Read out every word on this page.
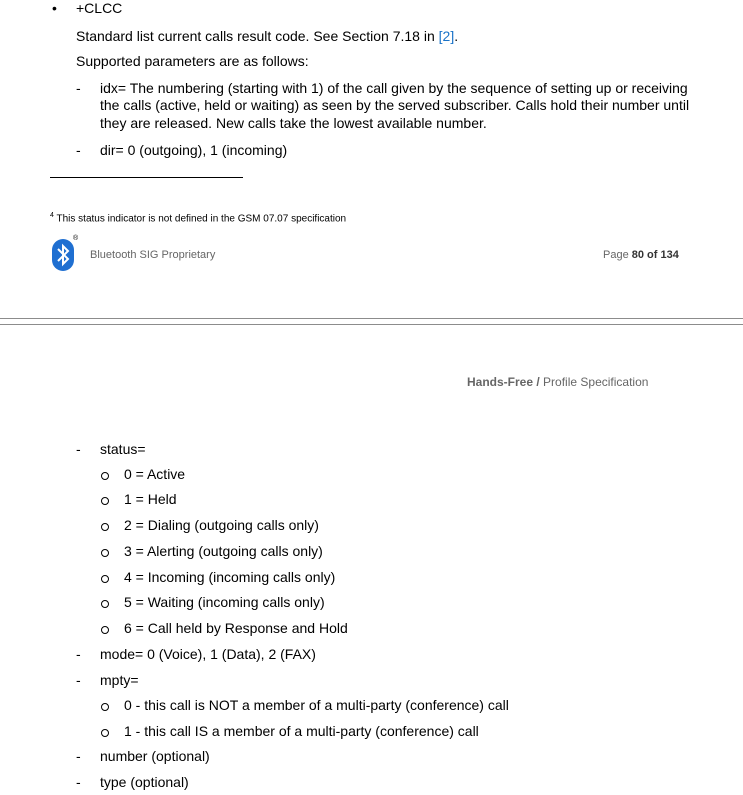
• +CLCC
Standard list current calls result code. See Section 7.18 in [2].
Supported parameters are as follows:
- idx= The numbering (starting with 1) of the call given by the sequence of setting up or receiving
the calls (active, held or waiting) as seen by the served subscriber. Calls hold their number until
they are released. New calls take the lowest available number.
- dir= 0 (outgoing), 1 (incoming)
$^4$ This status indicator is not defined in the GSM 07.07 specification
®
Bluetooth SIG Proprietary	Page 80 of 134
Hands-Free / Profile Specification
- status=
0 = Active
1 = Held
2 = Dialing (outgoing calls only)
3 = Alerting (outgoing calls only)
4 = Incoming (incoming calls only)
5 = Waiting (incoming calls only)
6 = Call held by Response and Hold
- mode= 0 (Voice), 1 (Data), 2 (FAX)
- mpty=
0 - this call is NOT a member of a multi-party (conference) call
1 - this call IS a member of a multi-party (conference) call
- number (optional)
- type (optional)
